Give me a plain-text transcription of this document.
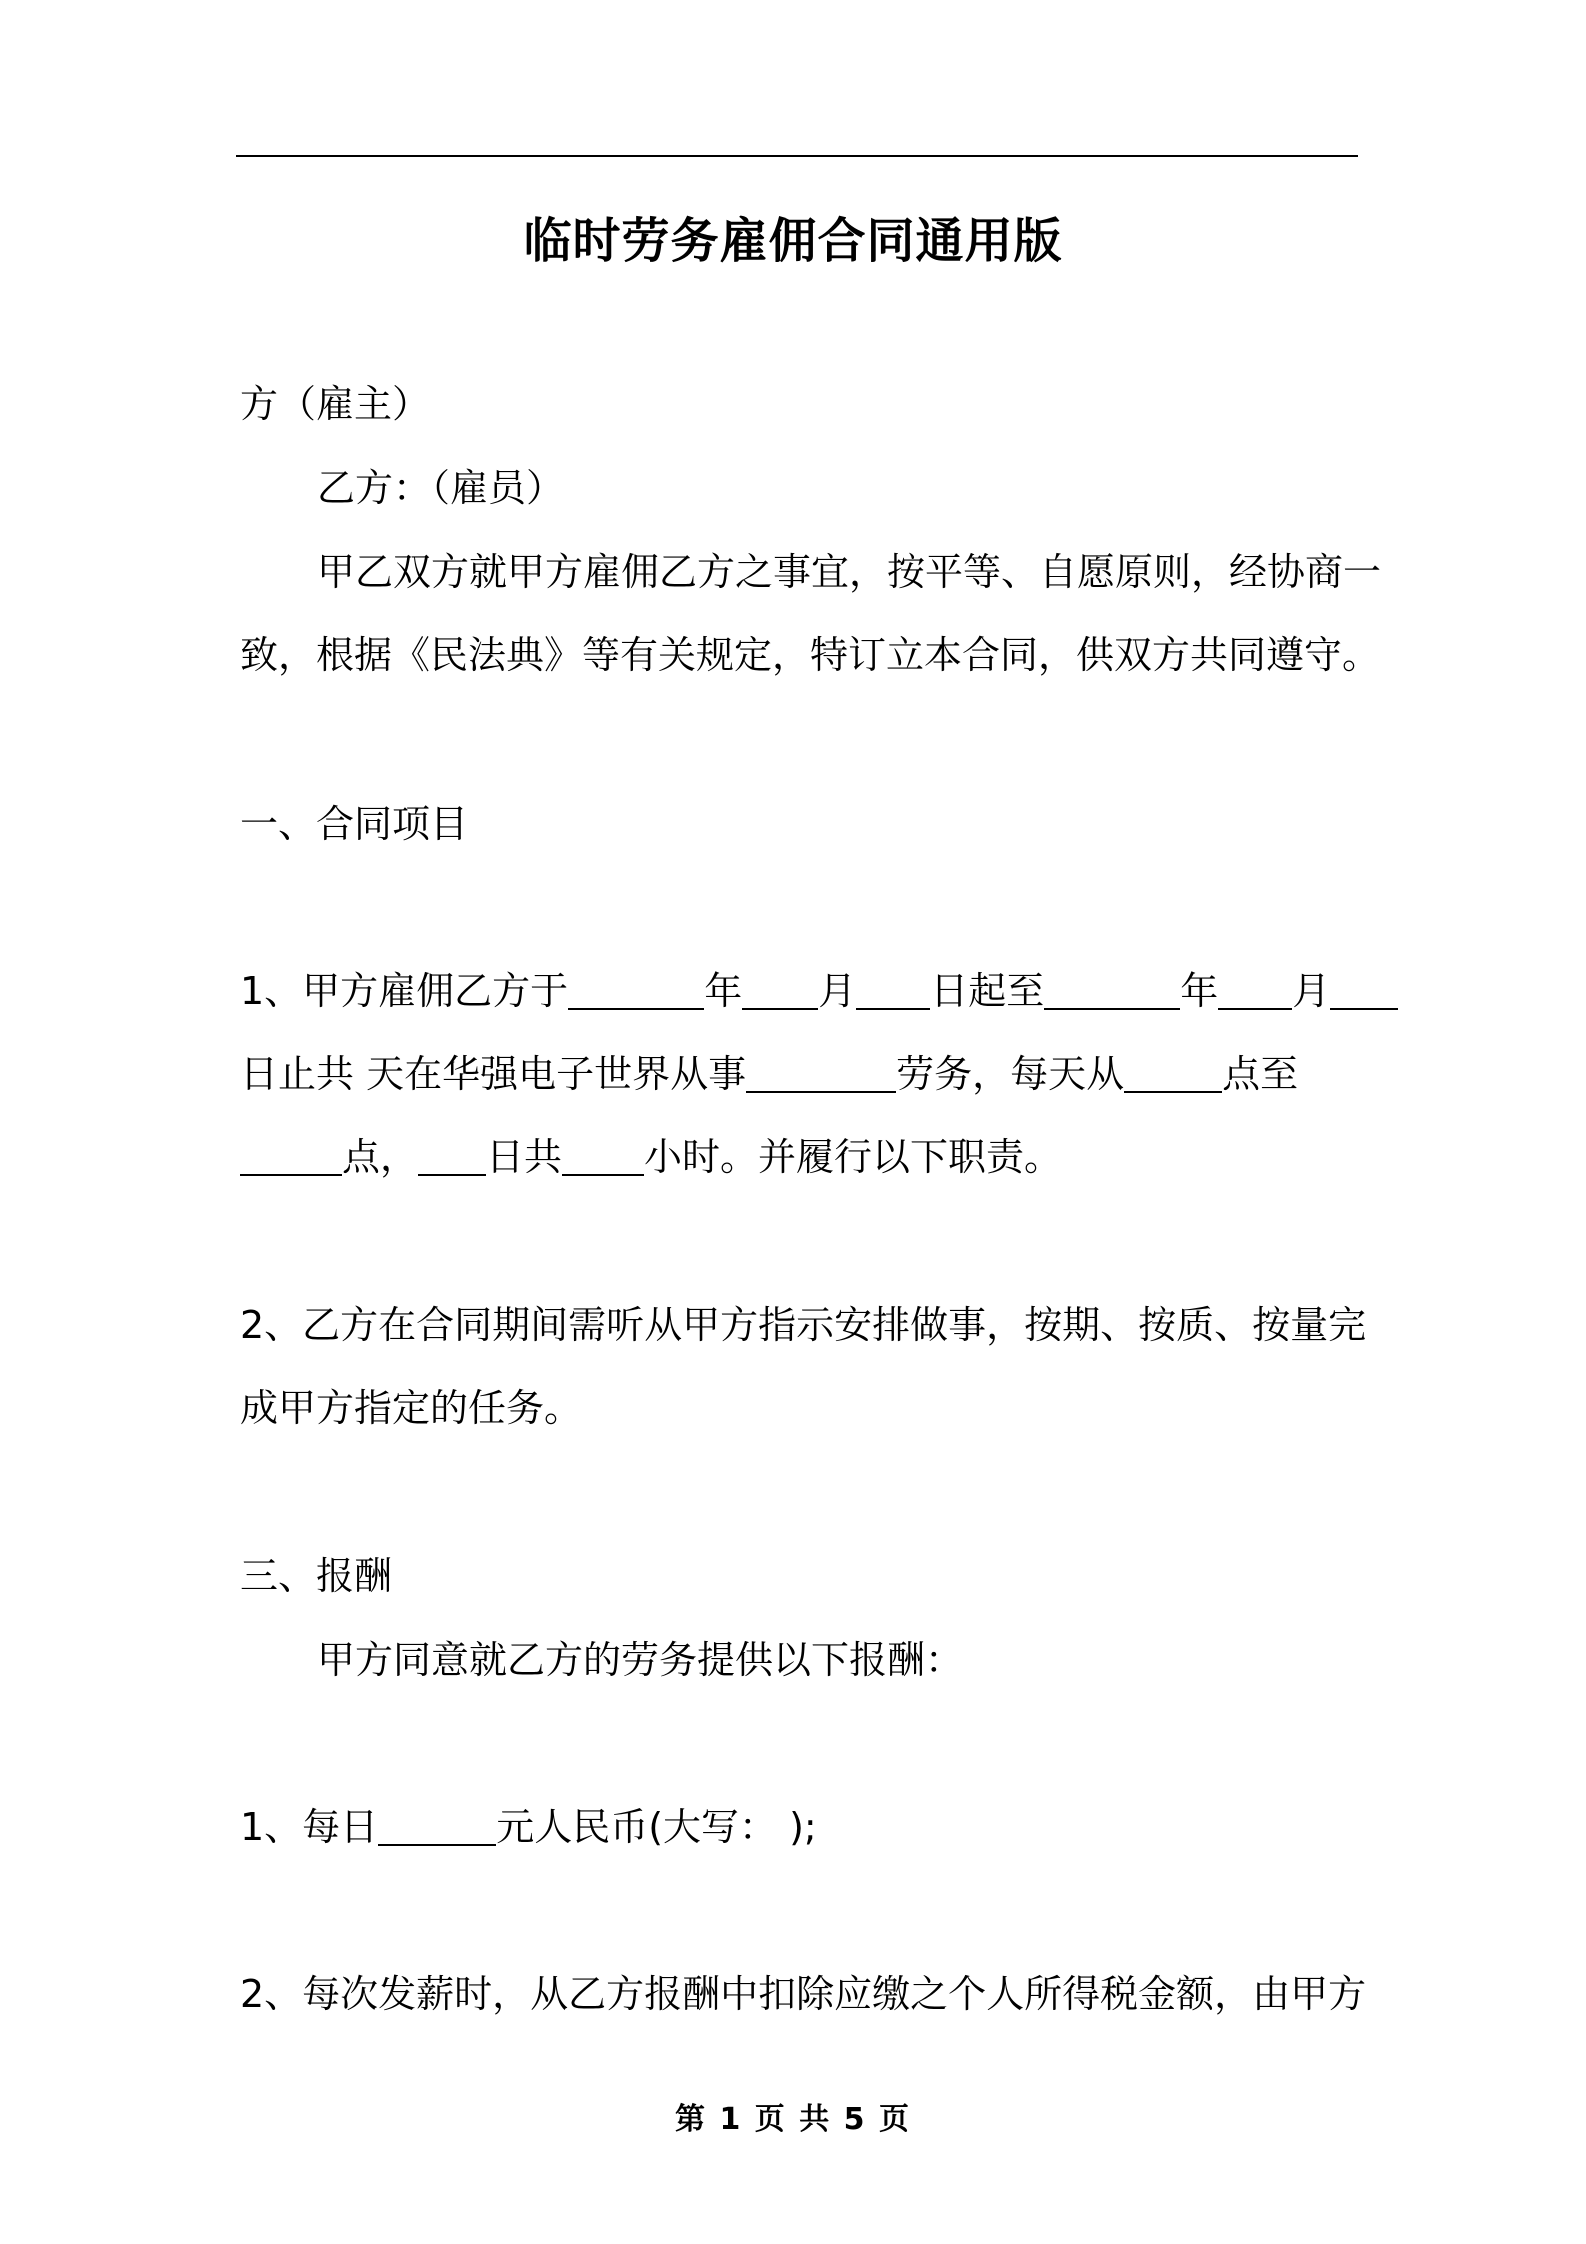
临时劳务雇佣合同通用版
方（雇主）
乙方：（雇员）
甲乙双方就甲方雇佣乙方之事宜，按平等、自愿原则，经协商一
致，根据《民法典》等有关规定，特订立本合同，供双方共同遵守。
一、合同项目
1、甲方雇佣乙方于	年 月 日起至	年 月
日止共 天在华强电子世界从事	劳务，每天从	点至
点， 日共 小时。并履行以下职责。
2、乙方在合同期间需听从甲方指示安排做事，按期、按质、按量完
成甲方指定的任务。
三、报酬
甲方同意就乙方的劳务提供以下报酬：
1、每日	元人民币(大写： );
2、每次发薪时，从乙方报酬中扣除应缴之个人所得税金额，由甲方
第 1 页 共 5 页
